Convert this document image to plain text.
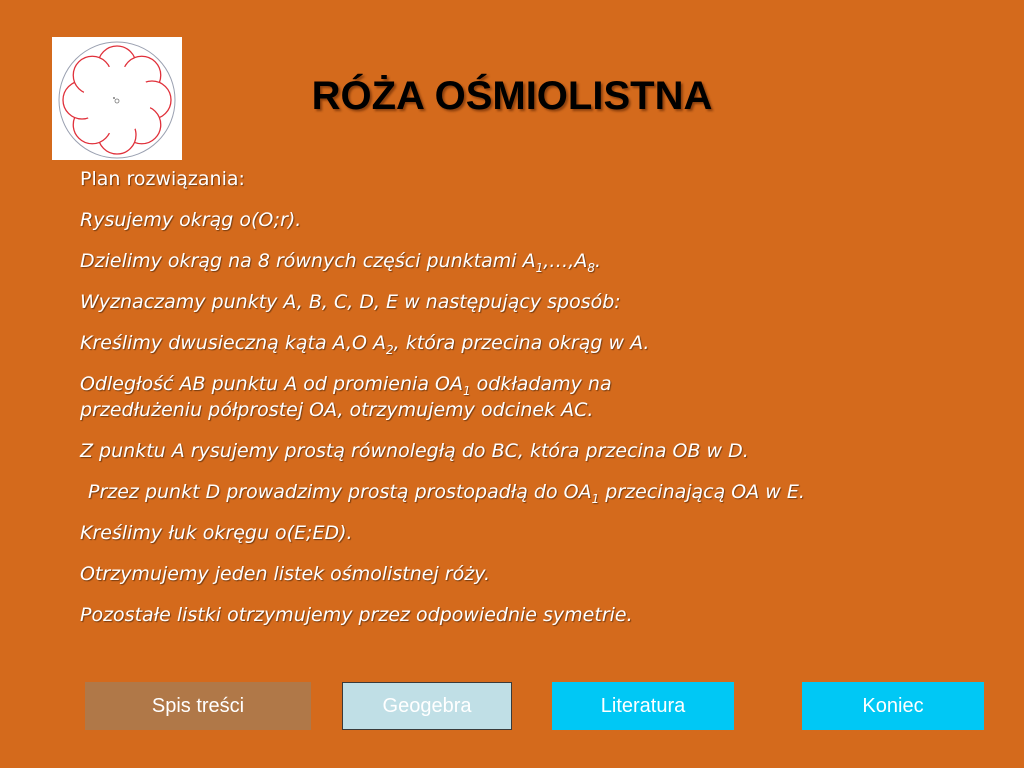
RÓŻA OŚMIOLISTNA

Plan rozwiązania:

Rysujemy okrąg o(O;r).

Dzielimy okrąg na 8 równych części punktami $A_1,\dots,A_8$.

Wyznaczamy punkty A, B, C, D, E w następujący sposób:

Kreślimy dwusieczną kąta A,O $A_2$, która przecina okrąg w A.

Odległość AB punktu A od promienia $OA_1$ odkładamy na
przedłużeniu półprostej OA, otrzymujemy odcinek AC.

Z punktu A rysujemy prostą równoległą do BC, która przecina OB w D.

Przez punkt D prowadzimy prostą prostopadłą do $OA_1$ przecinającą OA w E.

Kreślimy łuk okręgu o(E;ED).

Otrzymujemy jeden listek ośmolistnej róży.

Pozostałe listki otrzymujemy przez odpowiednie symetrie.

Spis treści	Geogebra	Literatura	Koniec
